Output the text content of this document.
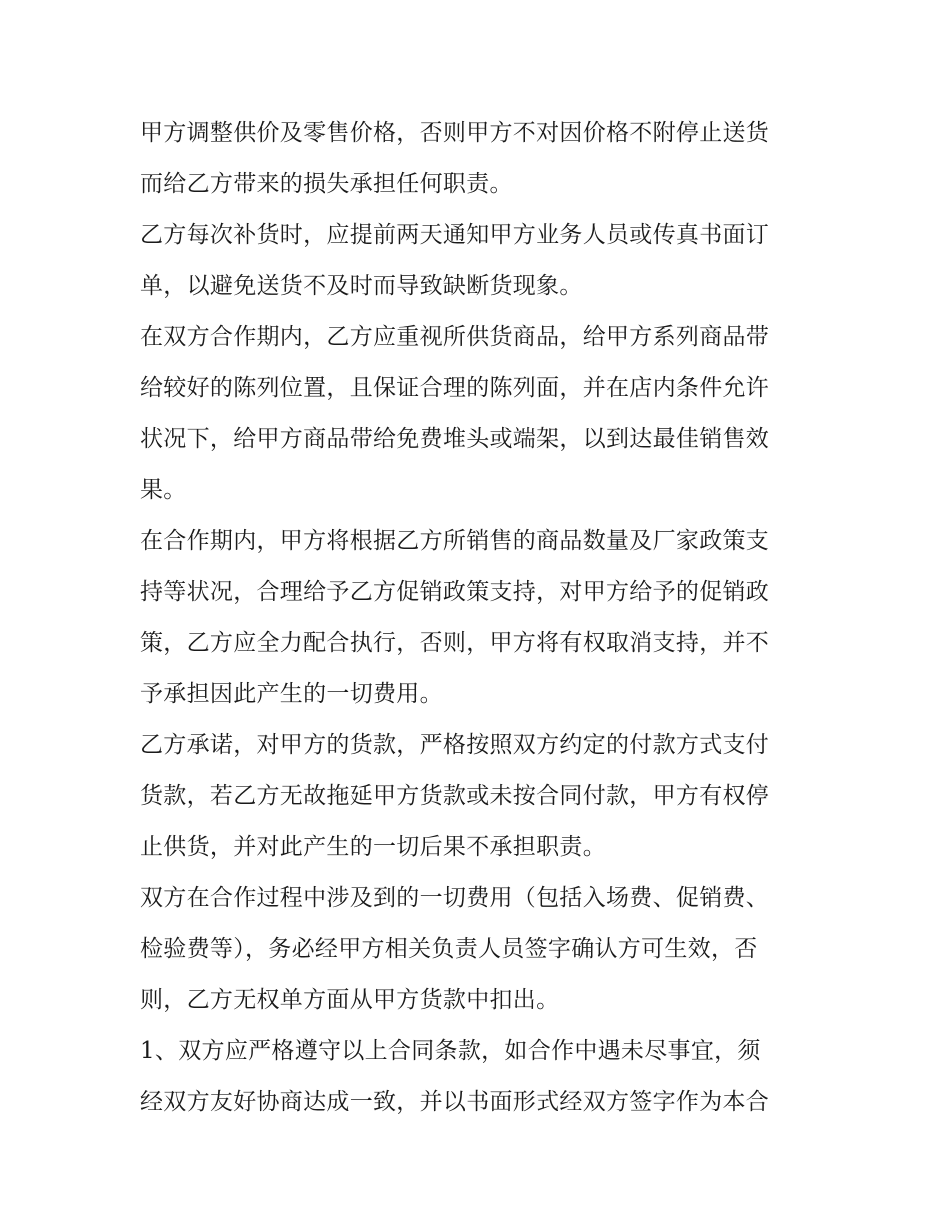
甲方调整供价及零售价格，否则甲方不对因价格不附停止送货
而给乙方带来的损失承担任何职责。
乙方每次补货时，应提前两天通知甲方业务人员或传真书面订
单，以避免送货不及时而导致缺断货现象。
在双方合作期内，乙方应重视所供货商品，给甲方系列商品带
给较好的陈列位置，且保证合理的陈列面，并在店内条件允许
状况下，给甲方商品带给免费堆头或端架，以到达最佳销售效
果。
在合作期内，甲方将根据乙方所销售的商品数量及厂家政策支
持等状况，合理给予乙方促销政策支持，对甲方给予的促销政
策，乙方应全力配合执行，否则，甲方将有权取消支持，并不
予承担因此产生的一切费用。
乙方承诺，对甲方的货款，严格按照双方约定的付款方式支付
货款，若乙方无故拖延甲方货款或未按合同付款，甲方有权停
止供货，并对此产生的一切后果不承担职责。
双方在合作过程中涉及到的一切费用（包括入场费、促销费、
检验费等），务必经甲方相关负责人员签字确认方可生效，否
则，乙方无权单方面从甲方货款中扣出。
1、双方应严格遵守以上合同条款，如合作中遇未尽事宜，须
经双方友好协商达成一致，并以书面形式经双方签字作为本合
